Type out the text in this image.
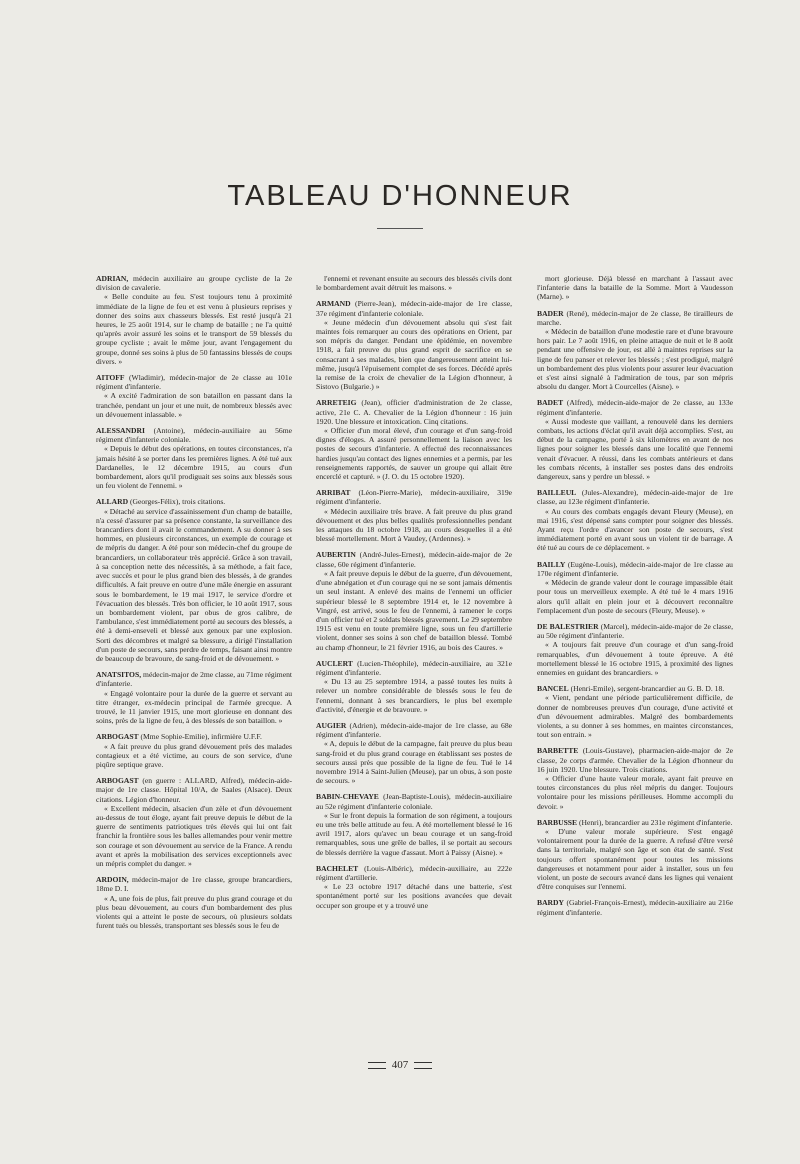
TABLEAU D'HONNEUR
ADRIAN, médecin auxiliaire au groupe cycliste de la 2e division de cavalerie.
« Belle conduite au feu. S'est toujours tenu à proximité immédiate de la ligne de feu et est venu à plusieurs reprises y donner des soins aux chasseurs blessés. Est resté jusqu'à 21 heures, le 25 août 1914, sur le champ de bataille ; ne l'a quitté qu'après avoir assuré les soins et le transport de 59 blessés du groupe cycliste ; avait le même jour, avant l'engagement du groupe, donné ses soins à plus de 50 fantassins blessés de coups divers. »
AITOFF (Wladimir), médecin-major de 2e classe au 101e régiment d'infanterie.
« A excité l'admiration de son bataillon en passant dans la tranchée, pendant un jour et une nuit, de nombreux blessés avec un dévouement inlassable. »
ALESSANDRI (Antoine), médecin-auxiliaire au 56me régiment d'infanterie coloniale.
« Depuis le début des opérations, en toutes circonstances, n'a jamais hésité à se porter dans les premières lignes. A été tué aux Dardanelles, le 12 décembre 1915, au cours d'un bombardement, alors qu'il prodiguait ses soins aux blessés sous un feu violent de l'ennemi. »
ALLARD (Georges-Félix), trois citations.
« Détaché au service d'assainissement d'un champ de bataille, n'a cessé d'assurer par sa présence constante, la surveillance des brancardiers dont il avait le commandement. A su donner à ses hommes, en plusieurs circonstances, un exemple de courage et de mépris du danger. A été pour son médecin-chef du groupe de brancardiers, un collaborateur très apprécié. Grâce à son travail, à sa conception nette des nécessités, à sa méthode, a fait face, avec succès et pour le plus grand bien des blessés, à de grandes difficultés. A fait preuve en outre d'une mâle énergie en assurant sous le bombardement, le 19 mai 1917, le service d'ordre et l'évacuation des blessés. Très bon officier, le 10 août 1917, sous un bombardement violent, par obus de gros calibre, de l'ambulance, s'est immédiatement porté au secours des blessés, a été à demi-enseveli et blessé aux genoux par une explosion. Sorti des décombres et malgré sa blessure, a dirigé l'installation d'un poste de secours, sans perdre de temps, faisant ainsi montre de beaucoup de bravoure, de sang-froid et de dévouement. »
ANATSITOS, médecin-major de 2me classe, au 71me régiment d'infanterie.
« Engagé volontaire pour la durée de la guerre et servant au titre étranger, ex-médecin principal de l'armée grecque. A trouvé, le 11 janvier 1915, une mort glorieuse en donnant des soins, près de la ligne de feu, à des blessés de son bataillon. »
ARBOGAST (Mme Sophie-Emilie), infirmière U.F.F.
« A fait preuve du plus grand dévouement près des malades contagieux et a été victime, au cours de son service, d'une piqûre septique grave.
ARBOGAST (en guerre : ALLARD, Alfred), médecin-aide-major de 1re classe. Hôpital 10/A, de Saales (Alsace). Deux citations. Légion d'honneur.
« Excellent médecin, alsacien d'un zèle et d'un dévouement au-dessus de tout éloge, ayant fait preuve depuis le début de la guerre de sentiments patriotiques très élevés qui lui ont fait franchir la frontière sous les balles allemandes pour venir mettre son courage et son dévouement au service de la France. A rendu avant et après la mobilisation des services exceptionnels avec un mépris complet du danger. »
ARDOIN, médecin-major de 1re classe, groupe brancardiers, 18me D. I.
« A, une fois de plus, fait preuve du plus grand courage et du plus beau dévouement, au cours d'un bombardement des plus violents qui a atteint le poste de secours, où plusieurs soldats furent tués ou blessés, transportant ses blessés sous le feu de
l'ennemi et revenant ensuite au secours des blessés civils dont le bombardement avait détruit les maisons. »
ARMAND (Pierre-Jean), médecin-aide-major de 1re classe, 37e régiment d'infanterie coloniale.
« Jeune médecin d'un dévouement absolu qui s'est fait maintes fois remarquer au cours des opérations en Orient, par son mépris du danger. Pendant une épidémie, en novembre 1918, a fait preuve du plus grand esprit de sacrifice en se consacrant à ses malades, bien que dangereusement atteint lui-même, jusqu'à l'épuisement complet de ses forces. Décédé après la remise de la croix de chevalier de la Légion d'honneur, à Sistovo (Bulgarie.) »
ARRETEIG (Jean), officier d'administration de 2e classe, active, 21e C. A. Chevalier de la Légion d'honneur : 16 juin 1920. Une blessure et intoxication. Cinq citations.
« Officier d'un moral élevé, d'un courage et d'un sang-froid dignes d'éloges. A assuré personnellement la liaison avec les postes de secours d'infanterie. A effectué des reconnaissances hardies jusqu'au contact des lignes ennemies et a permis, par les renseignements rapportés, de sauver un groupe qui allait être encerclé et capturé. » (J. O. du 15 octobre 1920).
ARRIBAT (Léon-Pierre-Marie), médecin-auxiliaire, 319e régiment d'infanterie.
« Médecin auxiliaire très brave. A fait preuve du plus grand dévouement et des plus belles qualités professionnelles pendant les attaques du 18 octobre 1918, au cours desquelles il a été blessé mortellement. Mort à Vaudey, (Ardennes). »
AUBERTIN (André-Jules-Ernest), médecin-aide-major de 2e classe, 60e régiment d'infanterie.
« A fait preuve depuis le début de la guerre, d'un dévouement, d'une abnégation et d'un courage qui ne se sont jamais démentis un seul instant. A enlevé des mains de l'ennemi un officier supérieur blessé le 8 septembre 1914 et, le 12 novembre à Vingré, est arrivé, sous le feu de l'ennemi, à ramener le corps d'un officier tué et 2 soldats blessés gravement. Le 29 septembre 1915 est venu en toute première ligne, sous un feu d'artillerie violent, donner ses soins à son chef de bataillon blessé. Tombé au champ d'honneur, le 21 février 1916, au bois des Caures. »
AUCLERT (Lucien-Théophile), médecin-auxiliaire, au 321e régiment d'infanterie.
« Du 13 au 25 septembre 1914, a passé toutes les nuits à relever un nombre considérable de blessés sous le feu de l'ennemi, donnant à ses brancardiers, le plus bel exemple d'activité, d'énergie et de bravoure. »
AUGIER (Adrien), médecin-aide-major de 1re classe, au 68e régiment d'infanterie.
« A, depuis le début de la campagne, fait preuve du plus beau sang-froid et du plus grand courage en établissant ses postes de secours aussi près que possible de la ligne de feu. Tué le 14 novembre 1914 à Saint-Julien (Meuse), par un obus, à son poste de secours. »
BABIN-CHEVAYE (Jean-Baptiste-Louis), médecin-auxiliaire au 52e régiment d'infanterie coloniale.
« Sur le front depuis la formation de son régiment, a toujours eu une très belle attitude au feu. A été mortellement blessé le 16 avril 1917, alors qu'avec un beau courage et un sang-froid remarquables, sous une grêle de balles, il se portait au secours de blessés derrière la vague d'assaut. Mort à Paissy (Aisne). »
BACHELET (Louis-Albéric), médecin-auxiliaire, au 222e régiment d'artillerie.
« Le 23 octobre 1917 détaché dans une batterie, s'est spontanément porté sur les positions avancées que devait occuper son groupe et y a trouvé une
mort glorieuse. Déjà blessé en marchant à l'assaut avec l'infanterie dans la bataille de la Somme. Mort à Vaudesson (Marne). »
BADER (René), médecin-major de 2e classe, 8e tirailleurs de marche.
« Médecin de bataillon d'une modestie rare et d'une bravoure hors pair. Le 7 août 1916, en pleine attaque de nuit et le 8 août pendant une offensive de jour, est allé à maintes reprises sur la ligne de feu panser et relever les blessés ; s'est prodigué, malgré un bombardement des plus violents pour assurer leur évacuation et s'est ainsi signalé à l'admiration de tous, par son mépris absolu du danger. Mort à Courcelles (Aisne). »
BADET (Alfred), médecin-aide-major de 2e classe, au 133e régiment d'infanterie.
« Aussi modeste que vaillant, a renouvelé dans les derniers combats, les actions d'éclat qu'il avait déjà accomplies. S'est, au début de la campagne, porté à six kilomètres en avant de nos lignes pour soigner les blessés dans une localité que l'ennemi venait d'évacuer. A réussi, dans les combats antérieurs et dans les combats récents, à installer ses postes dans des endroits dangereux, sans y perdre un blessé. »
BAILLEUL (Jules-Alexandre), médecin-aide-major de 1re classe, au 123e régiment d'infanterie.
« Au cours des combats engagés devant Fleury (Meuse), en mai 1916, s'est dépensé sans compter pour soigner des blessés. Ayant reçu l'ordre d'avancer son poste de secours, s'est immédiatement porté en avant sous un violent tir de barrage. A été tué au cours de ce déplacement. »
BAILLY (Eugène-Louis), médecin-aide-major de 1re classe au 170e régiment d'infanterie.
« Médecin de grande valeur dont le courage impassible était pour tous un merveilleux exemple. A été tué le 4 mars 1916 alors qu'il allait en plein jour et à découvert reconnaître l'emplacement d'un poste de secours (Fleury, Meuse). »
DE BALESTRIER (Marcel), médecin-aide-major de 2e classe, au 50e régiment d'infanterie.
« A toujours fait preuve d'un courage et d'un sang-froid remarquables, d'un dévouement à toute épreuve. A été mortellement blessé le 16 octobre 1915, à proximité des lignes ennemies en guidant des brancardiers. »
BANCEL (Henri-Emile), sergent-brancardier au G. B. D. 18.
« Vient, pendant une période particulièrement difficile, de donner de nombreuses preuves d'un courage, d'une activité et d'un dévouement admirables. Malgré des bombardements violents, a su donner à ses hommes, en maintes circonstances, tout son entrain. »
BARBETTE (Louis-Gustave), pharmacien-aide-major de 2e classe, 2e corps d'armée. Chevalier de la Légion d'honneur du 16 juin 1920. Une blessure. Trois citations.
« Officier d'une haute valeur morale, ayant fait preuve en toutes circonstances du plus réel mépris du danger. Toujours volontaire pour les missions périlleuses. Homme accompli du devoir. »
BARBUSSE (Henri), brancardier au 231e régiment d'infanterie.
« D'une valeur morale supérieure. S'est engagé volontairement pour la durée de la guerre. A refusé d'être versé dans la territoriale, malgré son âge et son état de santé. S'est toujours offert spontanément pour toutes les missions dangereuses et notamment pour aider à installer, sous un feu violent, un poste de secours avancé dans les lignes qui venaient d'être conquises sur l'ennemi.
BARDY (Gabriel-François-Ernest), médecin-auxiliaire au 216e régiment d'infanterie.
407
